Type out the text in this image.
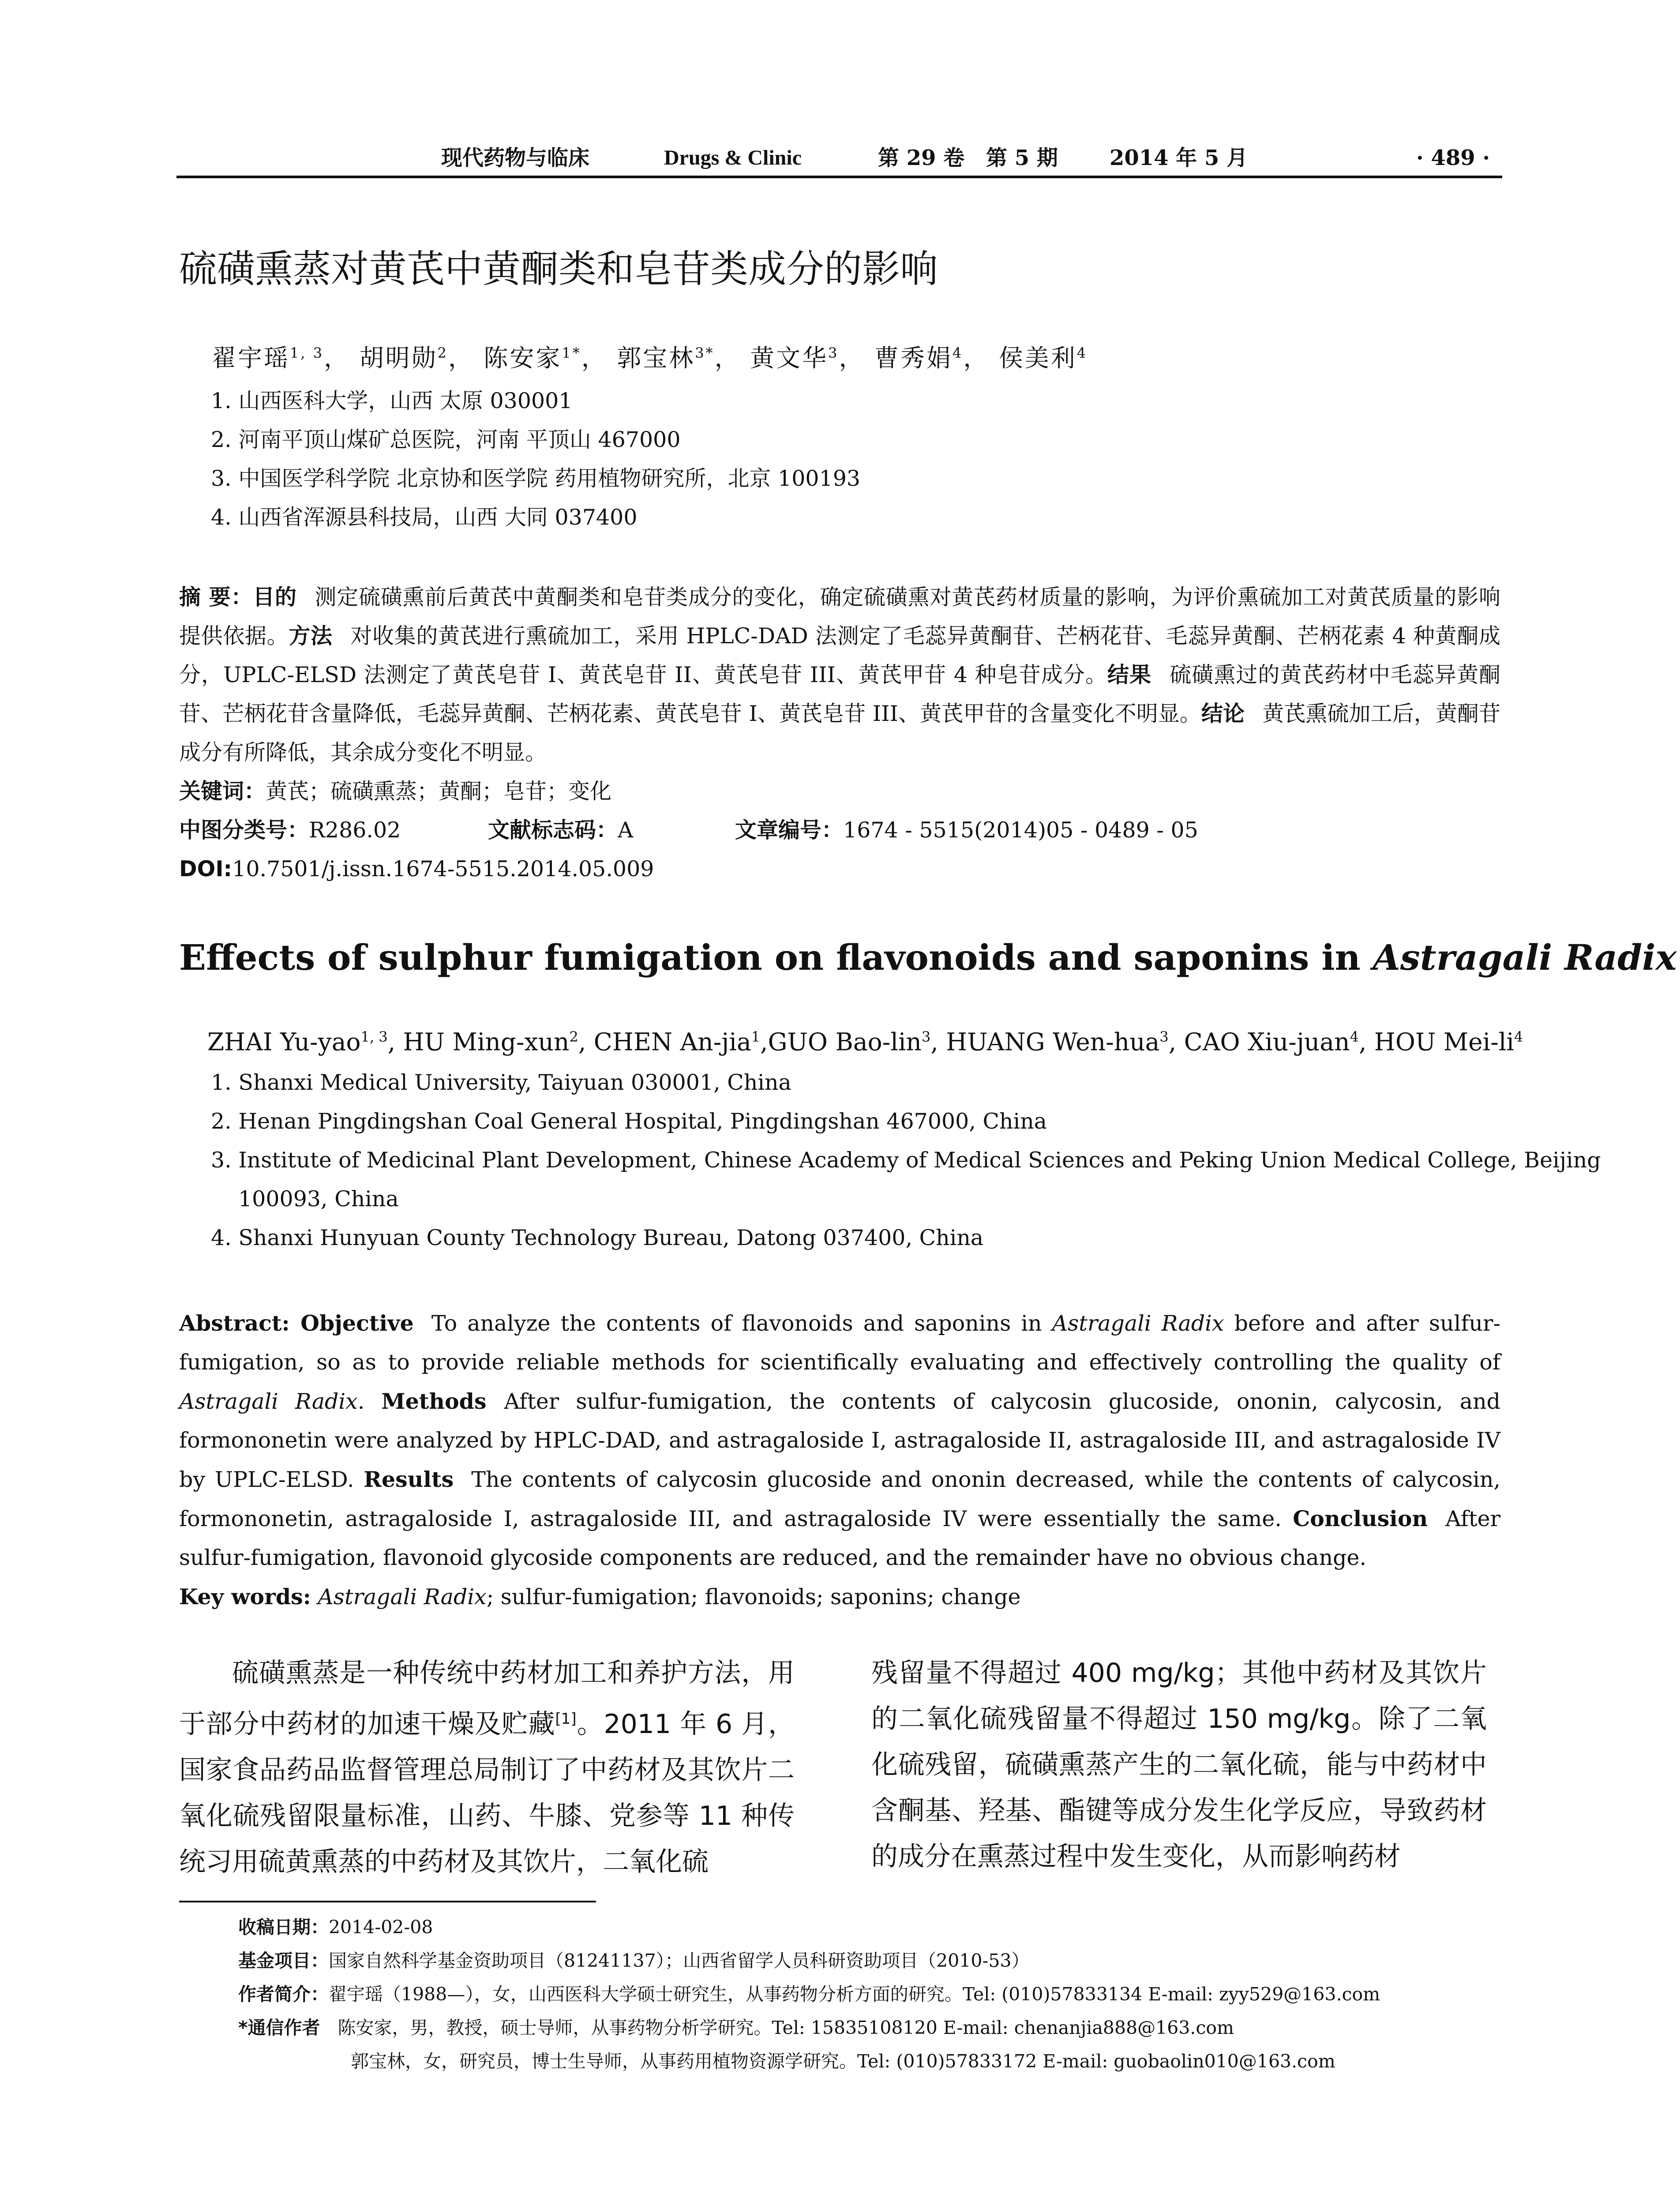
现代药物与临床	Drugs & Clinic	第 29 卷 第 5 期 2014 年 5 月	· 489 ·
硫磺熏蒸对黄芪中黄酮类和皂苷类成分的影响
翟宇瑶$^{1, 3}$， 胡明勋$^2$， 陈安家$^{1*}$， 郭宝林$^{3*}$， 黄文华$^3$， 曹秀娟$^4$， 侯美利$^4$
1. 山西医科大学，山西 太原 030001
2. 河南平顶山煤矿总医院，河南 平顶山 467000
3. 中国医学科学院 北京协和医学院 药用植物研究所，北京 100193
4. 山西省浑源县科技局，山西 大同 037400
摘 要：目的 测定硫磺熏前后黄芪中黄酮类和皂苷类成分的变化，确定硫磺熏对黄芪药材质量的影响，为评价熏硫加工对黄芪质量的影响提供依据。方法 对收集的黄芪进行熏硫加工，采用 HPLC-DAD 法测定了毛蕊异黄酮苷、芒柄花苷、毛蕊异黄酮、芒柄花素 4 种黄酮成分，UPLC-ELSD 法测定了黄芪皂苷 I、黄芪皂苷 II、黄芪皂苷 III、黄芪甲苷 4 种皂苷成分。结果 硫磺熏过的黄芪药材中毛蕊异黄酮苷、芒柄花苷含量降低，毛蕊异黄酮、芒柄花素、黄芪皂苷 I、黄芪皂苷 III、黄芪甲苷的含量变化不明显。结论 黄芪熏硫加工后，黄酮苷成分有所降低，其余成分变化不明显。
关键词：黄芪；硫磺熏蒸；黄酮；皂苷；变化
中图分类号：R286.02	文献标志码：A	文章编号：1674 - 5515(2014)05 - 0489 - 05
DOI:10.7501/j.issn.1674-5515.2014.05.009
Effects of sulphur fumigation on flavonoids and saponins in Astragali Radix
ZHAI Yu-yao$^{1, 3}$, HU Ming-xun$^2$, CHEN An-jia$^1$,GUO Bao-lin$^3$, HUANG Wen-hua$^3$, CAO Xiu-juan$^4$, HOU Mei-$li^4$
1. Shanxi Medical University, Taiyuan 030001, China
2. Henan Pingdingshan Coal General Hospital, Pingdingshan 467000, China
3. Institute of Medicinal Plant Development, Chinese Academy of Medical Sciences and Peking Union Medical College, Beijing
100093, China
4. Shanxi Hunyuan County Technology Bureau, Datong 037400, China
Abstract: Objective To analyze the contents of flavonoids and saponins in Astragali Radix before and after sulfur-fumigation, so as to provide reliable methods for scientifically evaluating and effectively controlling the quality of Astragali Radix. Methods After sulfur-fumigation, the contents of calycosin glucoside, ononin, calycosin, and formononetin were analyzed by HPLC-DAD, and astragaloside I, astragaloside II, astragaloside III, and astragaloside IV by UPLC-ELSD. Results The contents of calycosin glucoside and ononin decreased, while the contents of calycosin, formononetin, astragaloside I, astragaloside III, and astragaloside IV were essentially the same. Conclusion After sulfur-fumigation, flavonoid glycoside components are reduced, and the remainder have no obvious change.
Key words: Astragali Radix; sulfur-fumigation; flavonoids; saponins; change
硫磺熏蒸是一种传统中药材加工和养护方法，用于部分中药材的加速干燥及贮藏[1]。2011 年 6 月，国家食品药品监督管理总局制订了中药材及其饮片二氧化硫残留限量标准，山药、牛膝、党参等 11 种传统习用硫黄熏蒸的中药材及其饮片，二氧化硫
残留量不得超过 400 mg/kg；其他中药材及其饮片的二氧化硫残留量不得超过 150 mg/kg。除了二氧化硫残留，硫磺熏蒸产生的二氧化硫，能与中药材中含酮基、羟基、酯键等成分发生化学反应，导致药材的成分在熏蒸过程中发生变化，从而影响药材
收稿日期：2014-02-08
基金项目：国家自然科学基金资助项目（81241137）；山西省留学人员科研资助项目（2010-53）
作者简介：翟宇瑶（1988—），女，山西医科大学硕士研究生，从事药物分析方面的研究。Tel: (010)57833134 E-mail: zyy529@163.com
*通信作者 陈安家，男，教授，硕士导师，从事药物分析学研究。Tel: 15835108120 E-mail: chenanjia888@163.com
郭宝林，女，研究员，博士生导师，从事药用植物资源学研究。Tel: (010)57833172 E-mail: guobaolin010@163.com
